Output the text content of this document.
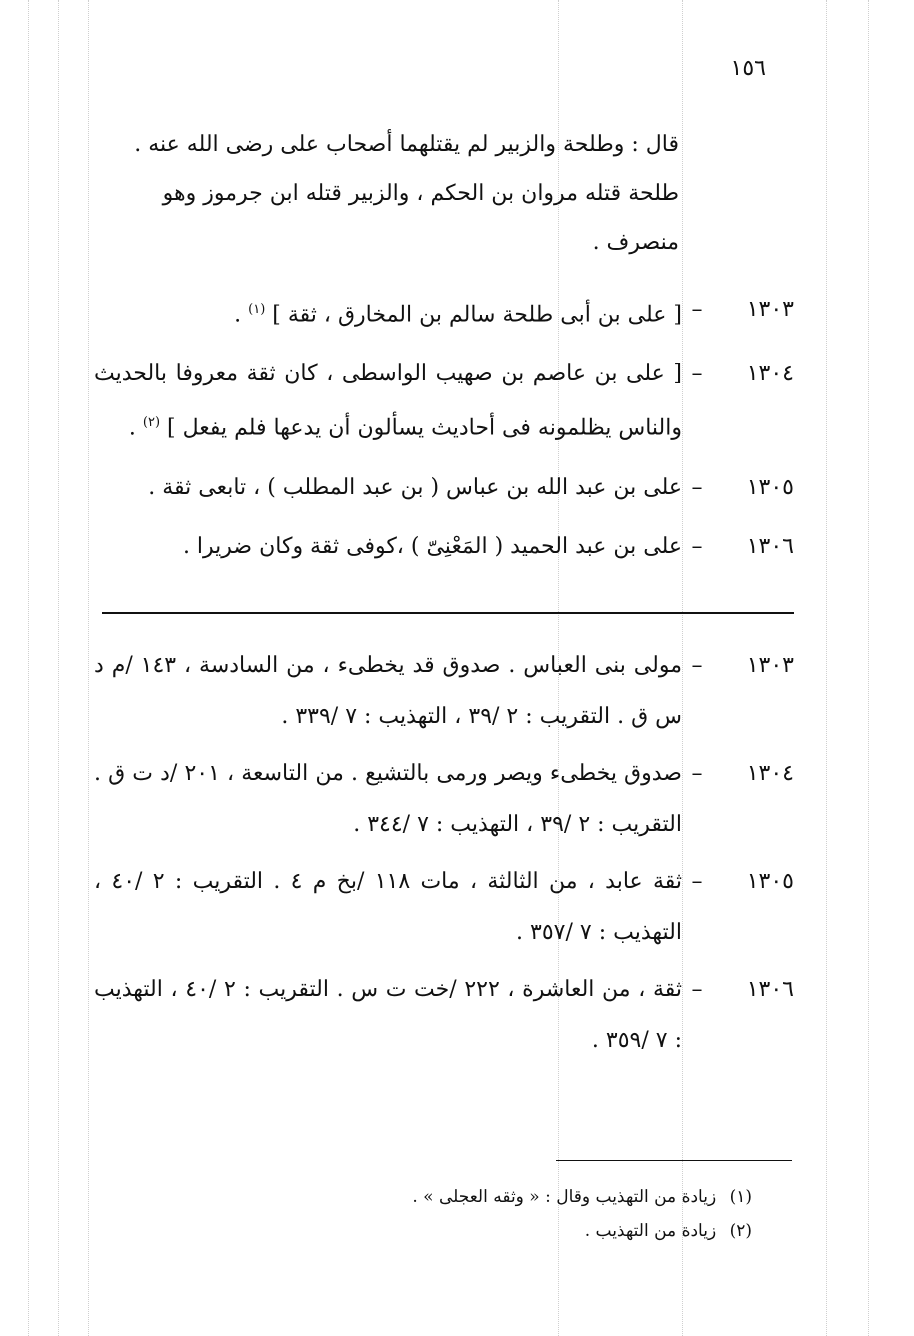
١٥٦
قال : وطلحة والزبير لم يقتلهما أصحاب على رضى الله عنه .
طلحة قتله مروان بن الحكم ، والزبير قتله ابن جرموز وهو
منصرف .
١٣٠٣
–
[ على بن أبى طلحة سالم بن المخارق ، ثقة ] $^{(١)}$ .
١٣٠٤
–
[ على بن عاصم بن صهيب الواسطى ، كان ثقة معروفا بالحديث والناس يظلمونه فى أحاديث يسألون أن يدعها فلم يفعل ] $^{(٢)}$ .
١٣٠٥
–
على بن عبد الله بن عباس ( بن عبد المطلب ) ، تابعى ثقة .
١٣٠٦
–
على بن عبد الحميد ( المَعْنِىّ ) ،كوفى ثقة وكان ضريرا .
١٣٠٣
–
مولى بنى العباس . صدوق قد يخطىء ، من السادسة ، ١٤٣ /م د س ق . التقريب : ٢ /٣٩ ، التهذيب : ٧ /٣٣٩ .
١٣٠٤
–
صدوق يخطىء ويصر ورمى بالتشيع . من التاسعة ، ٢٠١ /د ت ق . التقريب : ٢ /٣٩ ، التهذيب : ٧ /٣٤٤ .
١٣٠٥
–
ثقة عابد ، من الثالثة ، مات ١١٨ /بخ م ٤ . التقريب : ٢ /٤٠ ، التهذيب : ٧ /٣٥٧ .
١٣٠٦
–
ثقة ، من العاشرة ، ٢٢٢ /خت ت س . التقريب : ٢ /٤٠ ، التهذيب : ٧ /٣٥٩ .
(١) زيادة من التهذيب وقال : « وثقه العجلى » .
(٢) زيادة من التهذيب .
